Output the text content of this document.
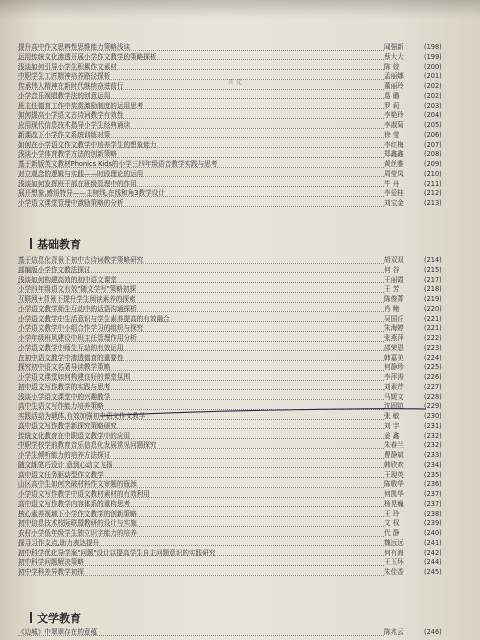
提升高中作文思辨性思维能力策略浅谈	闻强新	(198)
运用传统文化渗透开展小学作文教学的策略探析	蔡大大	(199)
浅谈如何引导小学生积累作文素材	陈 姣	(200)
中职学生工匠精神培养路径探析	孟丽娜	(201)
传承伟人精神在新时代继续奋进前行	董丽玲	(202)
小学音乐视唱教学法的创意运用	葛 璐	(202)
班主任德育工作中奖赏激励制度的运用思考	罗 莉	(203)
如何提高小学语文古诗词教学有效性	李艳玲	(204)
应用现代信息技术指导小学生经典诵读	李淑菊	(205)
新课改下小学作文系统训练对策	徐 莹	(206)
如何在小学语文作文教学中培养学生的想象能力	李红梅	(207)
浅谈小学体育教学方法的创新策略	郑鑫鑫	(208)
基于新版英文教材Phonics Kids的小学三四年级语音教学实践与思考	黄丝雅	(209)
对立观念的逻辑与实践——时段理论的运用	周莹凤	(210)
浅谈如何发挥班干部在班级管理中的作用	牛 丹	(211)
展开想象,感悟特异——主树线,在线和角3教学设计	李爱桂	(212)
小学语文课堂管理中激励策略的分析	刘宝金	(213)
基础教育
基于信息化背景下初中古诗词教学策略研究	胡双双	(214)
部编版小学作文教法探讨	何 谷	(215)
浅谈如何构建高效的初中语文课堂	王丽霞	(217)
小学四年级语文有效"随文学写"策略初探	王 芳	(218)
互联网+背景下提升学生阅读素养的探索	陈俊菁	(219)
小学语文教学师生互动中的话语沟通探析	肖 鲍	(220)
小学语文教学中生活意识与学生素养提高的有效融合	吴国丘	(221)
小学语文教学中小组合作学习的组织与探究	朱海婷	(221)
小学年级班风建设中班主任管理作用分析	张燕萍	(222)
小学语文教学中师生互动的有效运用	邵荣恩	(223)
在初中语文教学中渗透德育的重要性	韩嘉美	(224)
探究初中语文名著导读教学策略	何静珍	(225)
小学语文课堂如何构建良好的课堂氛围	李萍涛	(226)
初中语文写作教学的实践与思考	刘素芹	(227)
浅谈小学语文课堂中的兴趣教学	马媛文	(228)
高中生语文写作能力培养策略	沈固铂	(229)
实践活动为载体,有效加强初中语文作文教学	张 敏	(230)
高中语文写作教学新探究策略研究	刘 宇	(231)
传统文化教育在中职语文教学中的应用	姜 鑫	(232)
中职学校学前教育音乐信息化发展常见问题探究	朱春兰	(232)
小学生倾听能力的培养方法探讨	曹静斌	(233)
随文练笔巧设计 意到心动文飞扬	韩欣欢	(234)
高中语文任务驱动型作文教学	王现英	(235)
山区高中生如何突破材料作文审题的瓶颈	陈敬华	(236)
小学语文写作教学中语文教材素材的有效利用	何凯华	(237)
高中语文写作教学内容体系的重构思考	杨晃巍	(237)
核心素养视域下小学作文教学的创新策略	王 玲	(238)
初中信息技术校际联盟教研的设计与实施	文 权	(239)
农村小学低年级学生独立识字能力的培养	代 静	(240)
探寻习作支点,助力表达提升	魏远远	(241)
初中科学优化导学案"问题"设计以提高学生自主问题意识的实践研究	何有海	(242)
初中科学问题解决策略	王玉环	(244)
初中学科差异教学初探	朱佳香	(245)
文学教育
《边城》中翠翠存在的意蕴	陈兆云	(246)
开 元
